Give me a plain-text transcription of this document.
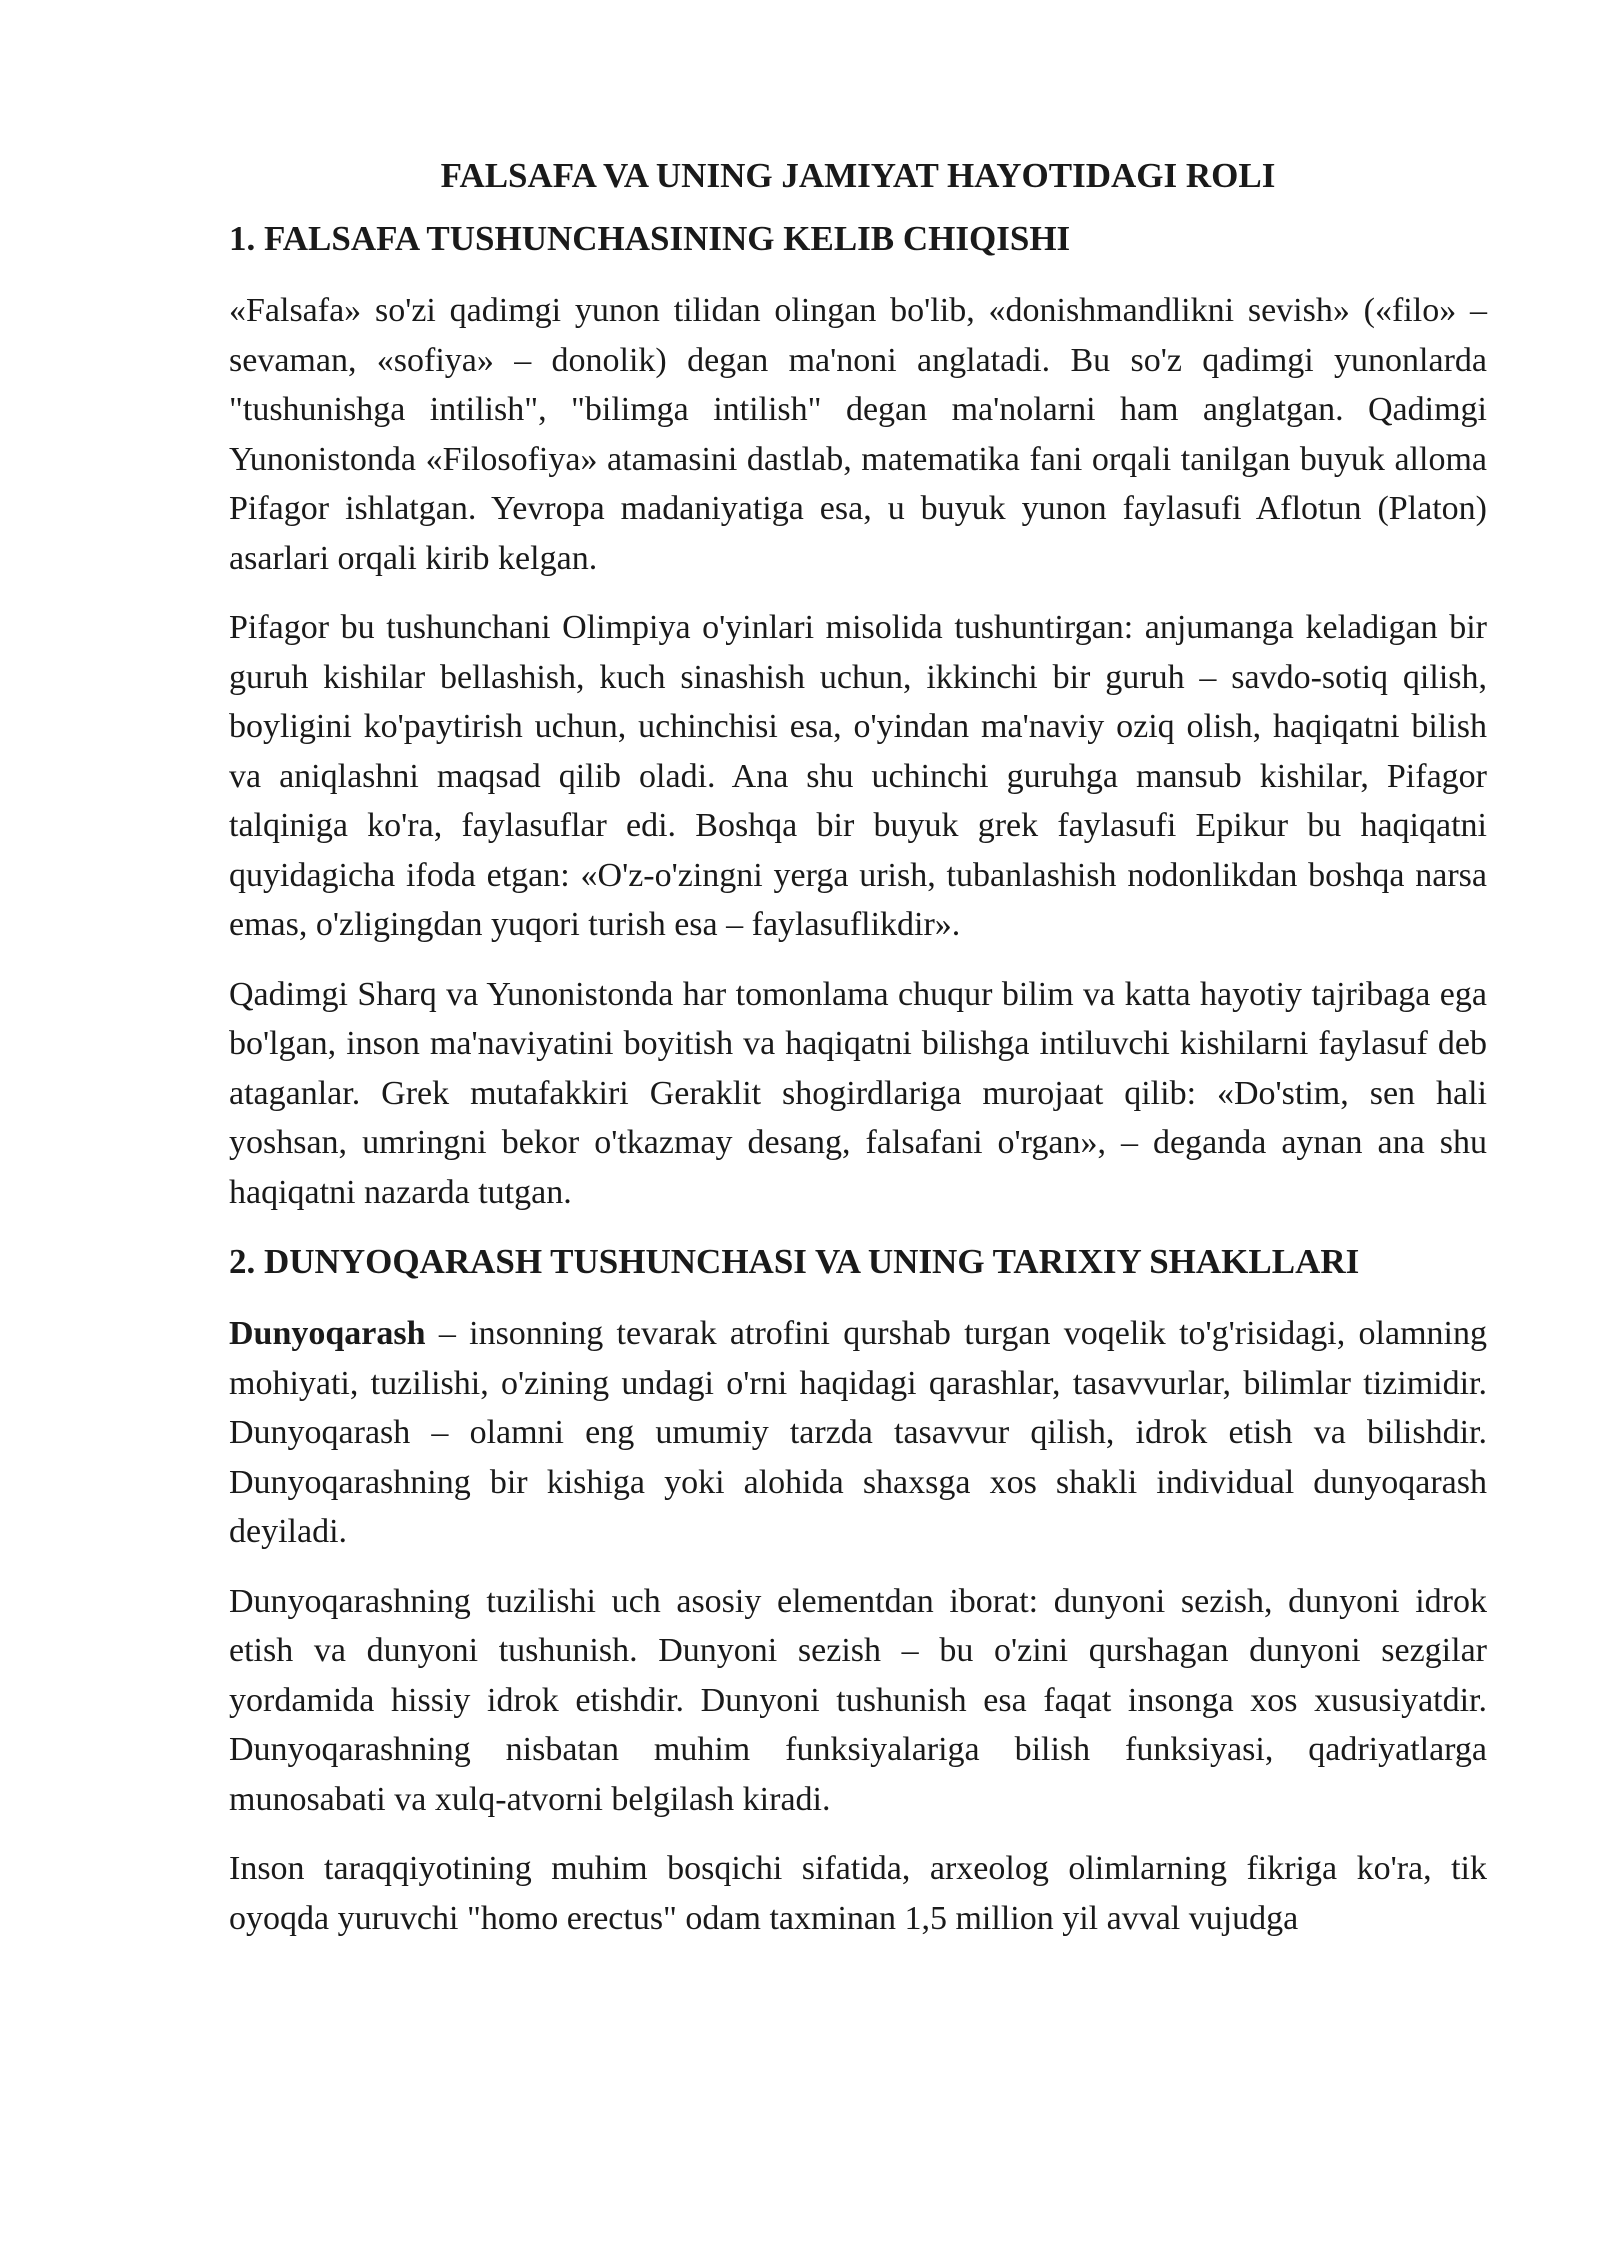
FALSAFA VA UNING JAMIYAT HAYOTIDAGI ROLI
1. FALSAFA TUSHUNCHASINING KELIB CHIQISHI

«Falsafa» so'zi qadimgi yunon tilidan olingan bo'lib, «donishmandlikni sevish» («filo» – sevaman, «sofiya» – donolik) degan ma'noni anglatadi. Bu so'z qadimgi yunonlarda "tushunishga intilish", "bilimga intilish" degan ma'nolarni ham anglatgan. Qadimgi Yunonistonda «Filosofiya» atamasini dastlab, matematika fani orqali tanilgan buyuk alloma Pifagor ishlatgan. Yevropa madaniyatiga esa, u buyuk yunon faylasufi Aflotun (Platon) asarlari orqali kirib kelgan.

Pifagor bu tushunchani Olimpiya o'yinlari misolida tushuntirgan: anjumanga keladigan bir guruh kishilar bellashish, kuch sinashish uchun, ikkinchi bir guruh – savdo-sotiq qilish, boyligini ko'paytirish uchun, uchinchisi esa, o'yindan ma'naviy oziq olish, haqiqatni bilish va aniqlashni maqsad qilib oladi. Ana shu uchinchi guruhga mansub kishilar, Pifagor talqiniga ko'ra, faylasuflar edi. Boshqa bir buyuk grek faylasufi Epikur bu haqiqatni quyidagicha ifoda etgan: «O'z-o'zingni yerga urish, tubanlashish nodonlikdan boshqa narsa emas, o'zligingdan yuqori turish esa – faylasuflikdir».

Qadimgi Sharq va Yunonistonda har tomonlama chuqur bilim va katta hayotiy tajribaga ega bo'lgan, inson ma'naviyatini boyitish va haqiqatni bilishga intiluvchi kishilarni faylasuf deb ataganlar. Grek mutafakkiri Geraklit shogirdlariga murojaat qilib: «Do'stim, sen hali yoshsan, umringni bekor o'tkazmay desang, falsafani o'rgan», – deganda aynan ana shu haqiqatni nazarda tutgan.

2. DUNYOQARASH TUSHUNCHASI VA UNING TARIXIY SHAKLLARI

Dunyoqarash – insonning tevarak atrofini qurshab turgan voqelik to'g'risidagi, olamning mohiyati, tuzilishi, o'zining undagi o'rni haqidagi qarashlar, tasavvurlar, bilimlar tizimidir. Dunyoqarash – olamni eng umumiy tarzda tasavvur qilish, idrok etish va bilishdir. Dunyoqarashning bir kishiga yoki alohida shaxsga xos shakli individual dunyoqarash deyiladi.

Dunyoqarashning tuzilishi uch asosiy elementdan iborat: dunyoni sezish, dunyoni idrok etish va dunyoni tushunish. Dunyoni sezish – bu o'zini qurshagan dunyoni sezgilar yordamida hissiy idrok etishdir. Dunyoni tushunish esa faqat insonga xos xususiyatdir. Dunyoqarashning nisbatan muhim funksiyalariga bilish funksiyasi, qadriyatlarga munosabati va xulq-atvorni belgilash kiradi.

Inson taraqqiyotining muhim bosqichi sifatida, arxeolog olimlarning fikriga ko'ra, tik oyoqda yuruvchi "homo erectus" odam taxminan 1,5 million yil avval vujudga
